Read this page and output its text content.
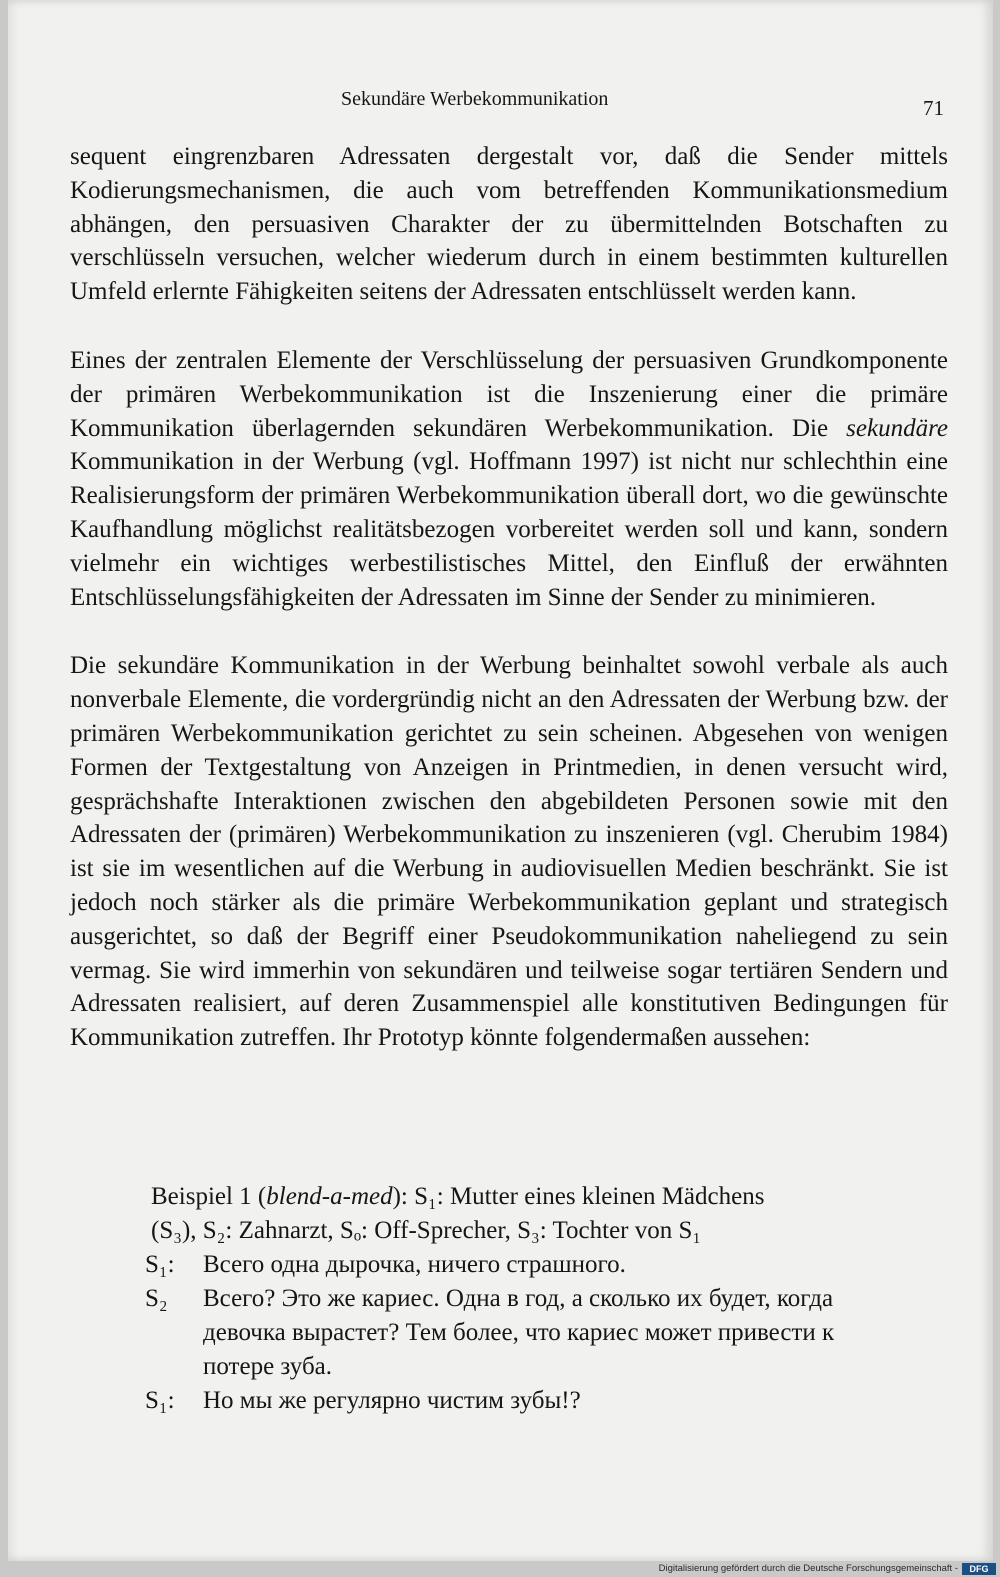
Sekundäre Werbekommunikation	71

sequent eingrenzbaren Adressaten dergestalt vor, daß die Sender mittels Kodierungsmechanismen, die auch vom betreffenden Kommunikationsmedium abhängen, den persuasiven Charakter der zu übermittelnden Botschaften zu verschlüsseln versuchen, welcher wiederum durch in einem bestimmten kulturellen Umfeld erlernte Fähigkeiten seitens der Adressaten entschlüsselt werden kann.

Eines der zentralen Elemente der Verschlüsselung der persuasiven Grundkomponente der primären Werbekommunikation ist die Inszenierung einer die primäre Kommunikation überlagernden sekundären Werbekommunikation. Die sekundäre Kommunikation in der Werbung (vgl. Hoffmann 1997) ist nicht nur schlechthin eine Realisierungsform der primären Werbekommunikation überall dort, wo die gewünschte Kaufhandlung möglichst realitätsbezogen vorbereitet werden soll und kann, sondern vielmehr ein wichtiges werbestilistisches Mittel, den Einfluß der erwähnten Entschlüsselungsfähigkeiten der Adressaten im Sinne der Sender zu minimieren.

Die sekundäre Kommunikation in der Werbung beinhaltet sowohl verbale als auch nonverbale Elemente, die vordergründig nicht an den Adressaten der Werbung bzw. der primären Werbekommunikation gerichtet zu sein scheinen. Abgesehen von wenigen Formen der Textgestaltung von Anzeigen in Printmedien, in denen versucht wird, gesprächshafte Interaktionen zwischen den abgebildeten Personen sowie mit den Adressaten der (primären) Werbekommunikation zu inszenieren (vgl. Cherubim 1984) ist sie im wesentlichen auf die Werbung in audiovisuellen Medien beschränkt. Sie ist jedoch noch stärker als die primäre Werbekommunikation geplant und strategisch ausgerichtet, so daß der Begriff einer Pseudokommunikation naheliegend zu sein vermag. Sie wird immerhin von sekundären und teilweise sogar tertiären Sendern und Adressaten realisiert, auf deren Zusammenspiel alle konstitutiven Bedingungen für Kommunikation zutreffen. Ihr Prototyp könnte folgendermaßen aussehen:

Beispiel 1 (blend-a-med): S₁: Mutter eines kleinen Mädchens
(S₃), S₂: Zahnarzt, Sₒ: Off-Sprecher, S₃: Tochter von S₁
S₁:	Всего одна дырочка, ничего страшного.
S₂	Всего? Это же кариес. Одна в год, а сколько их будет, когда девочка вырастет? Тем более, что кариес может привести к потере зуба.
S₁:	Но мы же регулярно чистим зубы!?
Digitalisierung gefördert durch die Deutsche Forschungsgemeinschaft -	DFG
